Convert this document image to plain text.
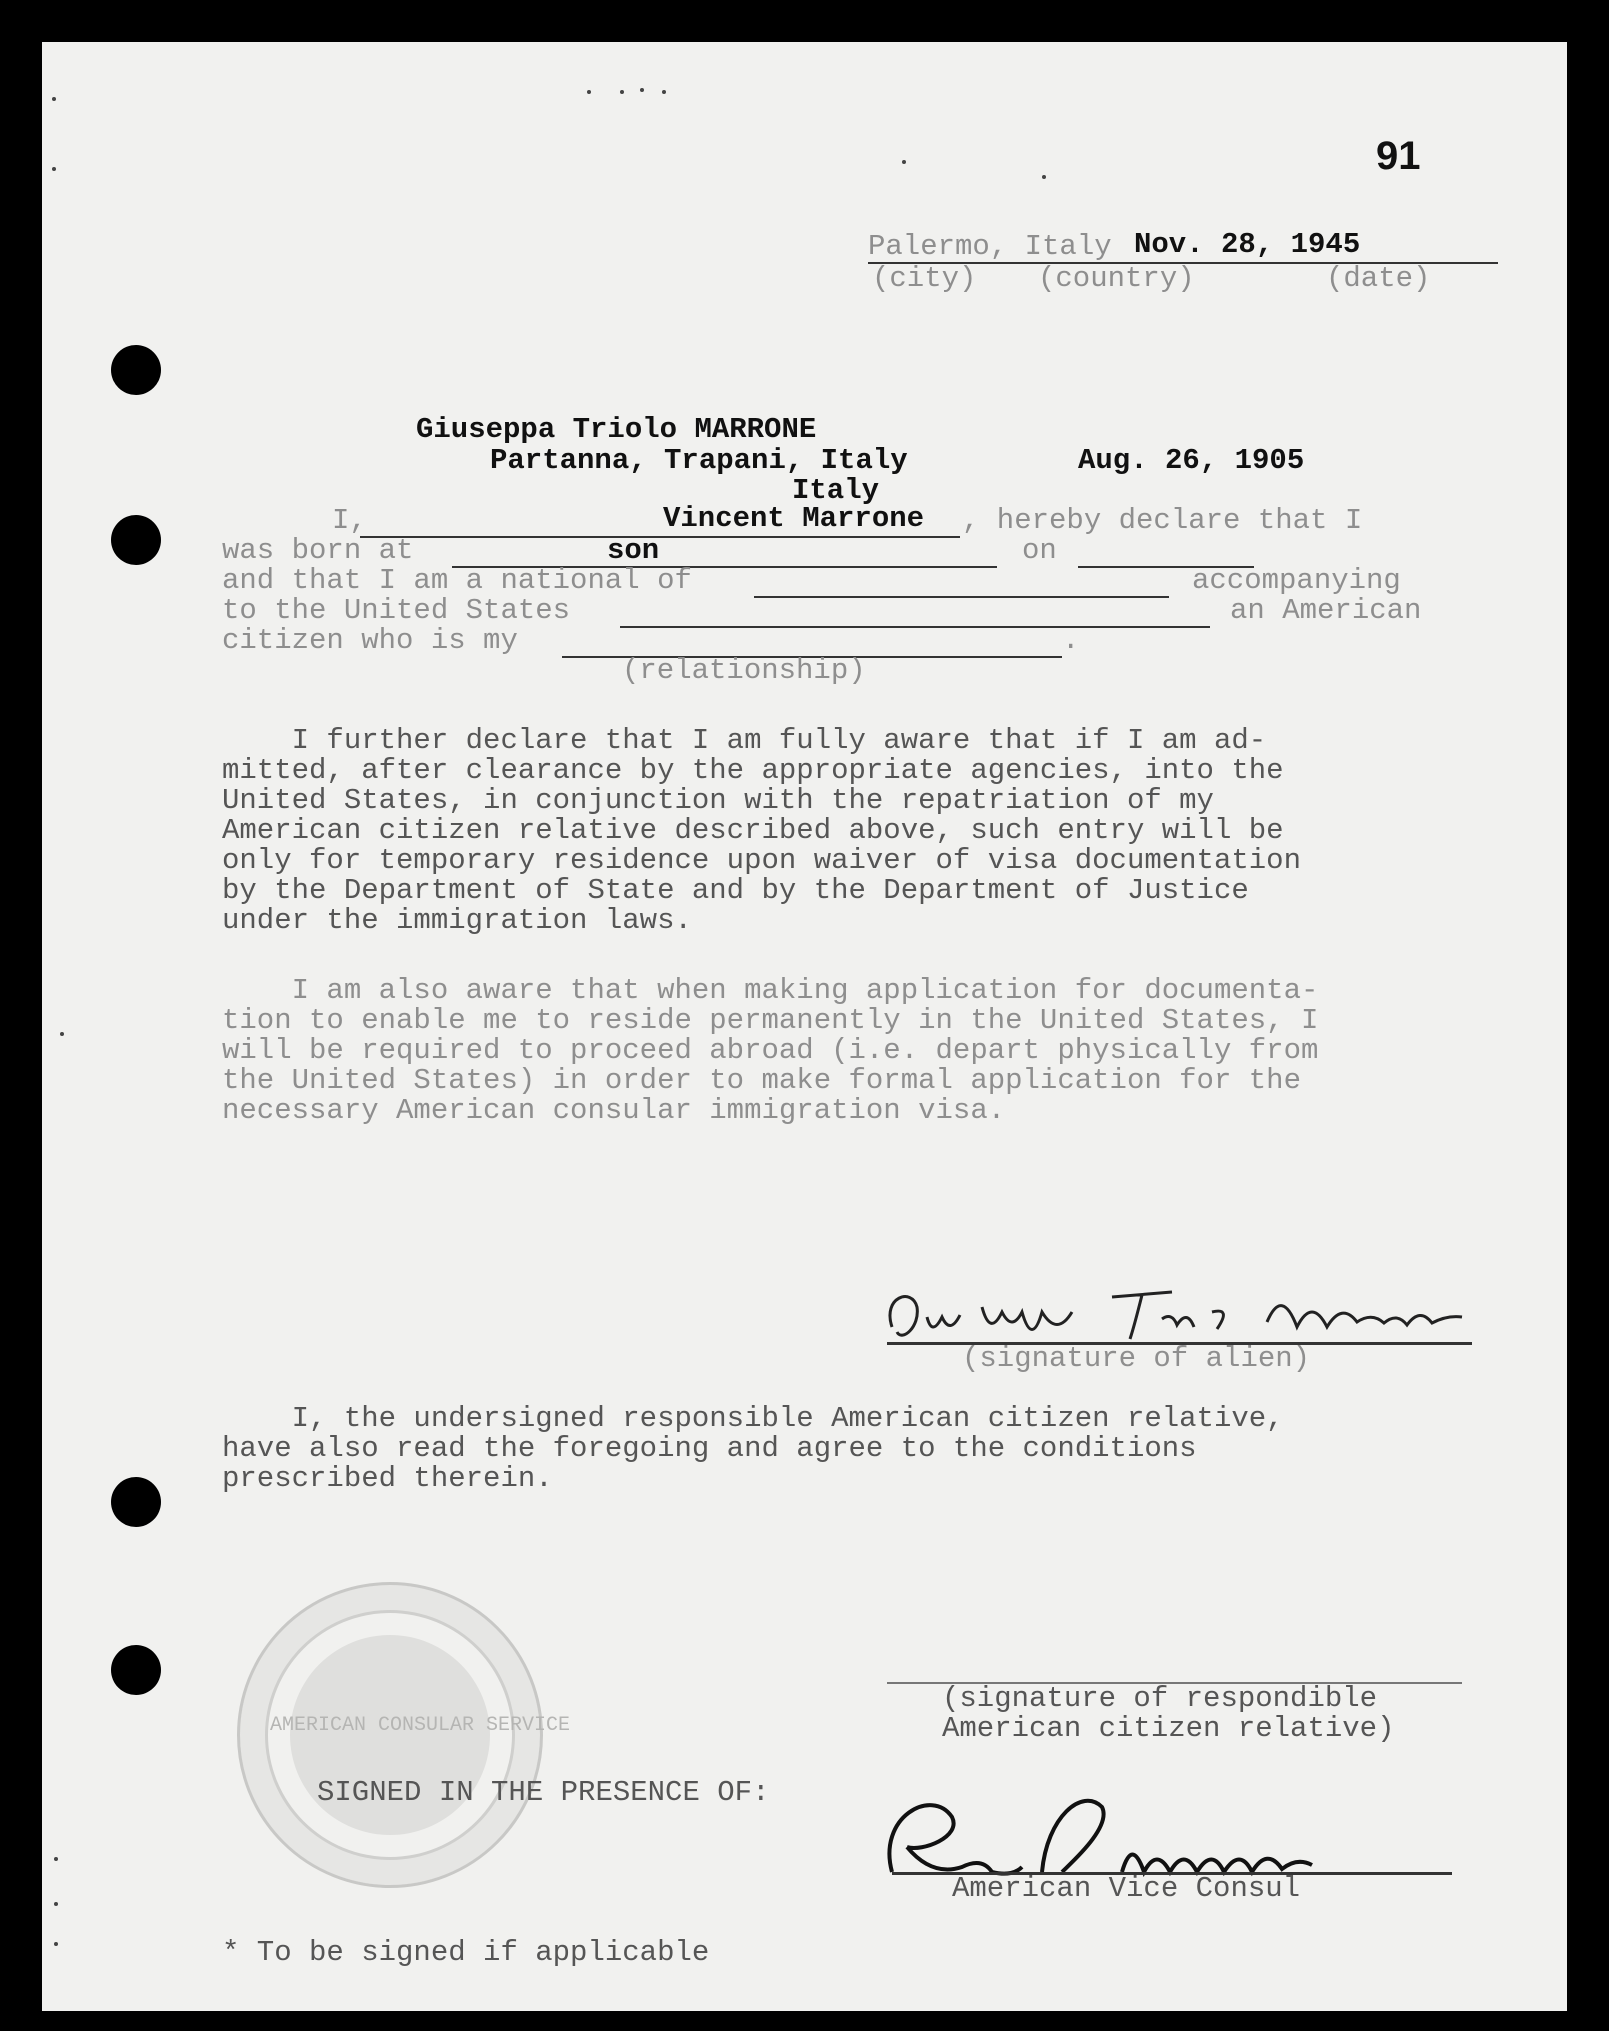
91
Palermo, Italy Nov. 28, 1945
(city) (country)	(date)
Giuseppa Triolo MARRONE
Partanna, Trapani, Italy	Aug. 26, 1905
Italy
I,	Vincent Marrone , hereby declare that I
was born at	son	on
and that I am a national of	accompanying
to the United States	an American
citizen who is my	.
(relationship)
I further declare that I am fully aware that if I am ad-
mitted, after clearance by the appropriate agencies, into the
United States, in conjunction with the repatriation of my
American citizen relative described above, such entry will be
only for temporary residence upon waiver of visa documentation
by the Department of State and by the Department of Justice
under the immigration laws.
I am also aware that when making application for documenta-
tion to enable me to reside permanently in the United States, I
will be required to proceed abroad (i.e. depart physically from
the United States) in order to make formal application for the
necessary American consular immigration visa.
(signature of alien)
I, the undersigned responsible American citizen relative,
have also read the foregoing and agree to the conditions
prescribed therein.
AMERICAN CONSULAR SERVICE
(signature of respondible
American citizen relative)
SIGNED IN THE PRESENCE OF:
American Vice Consul
* To be signed if applicable
